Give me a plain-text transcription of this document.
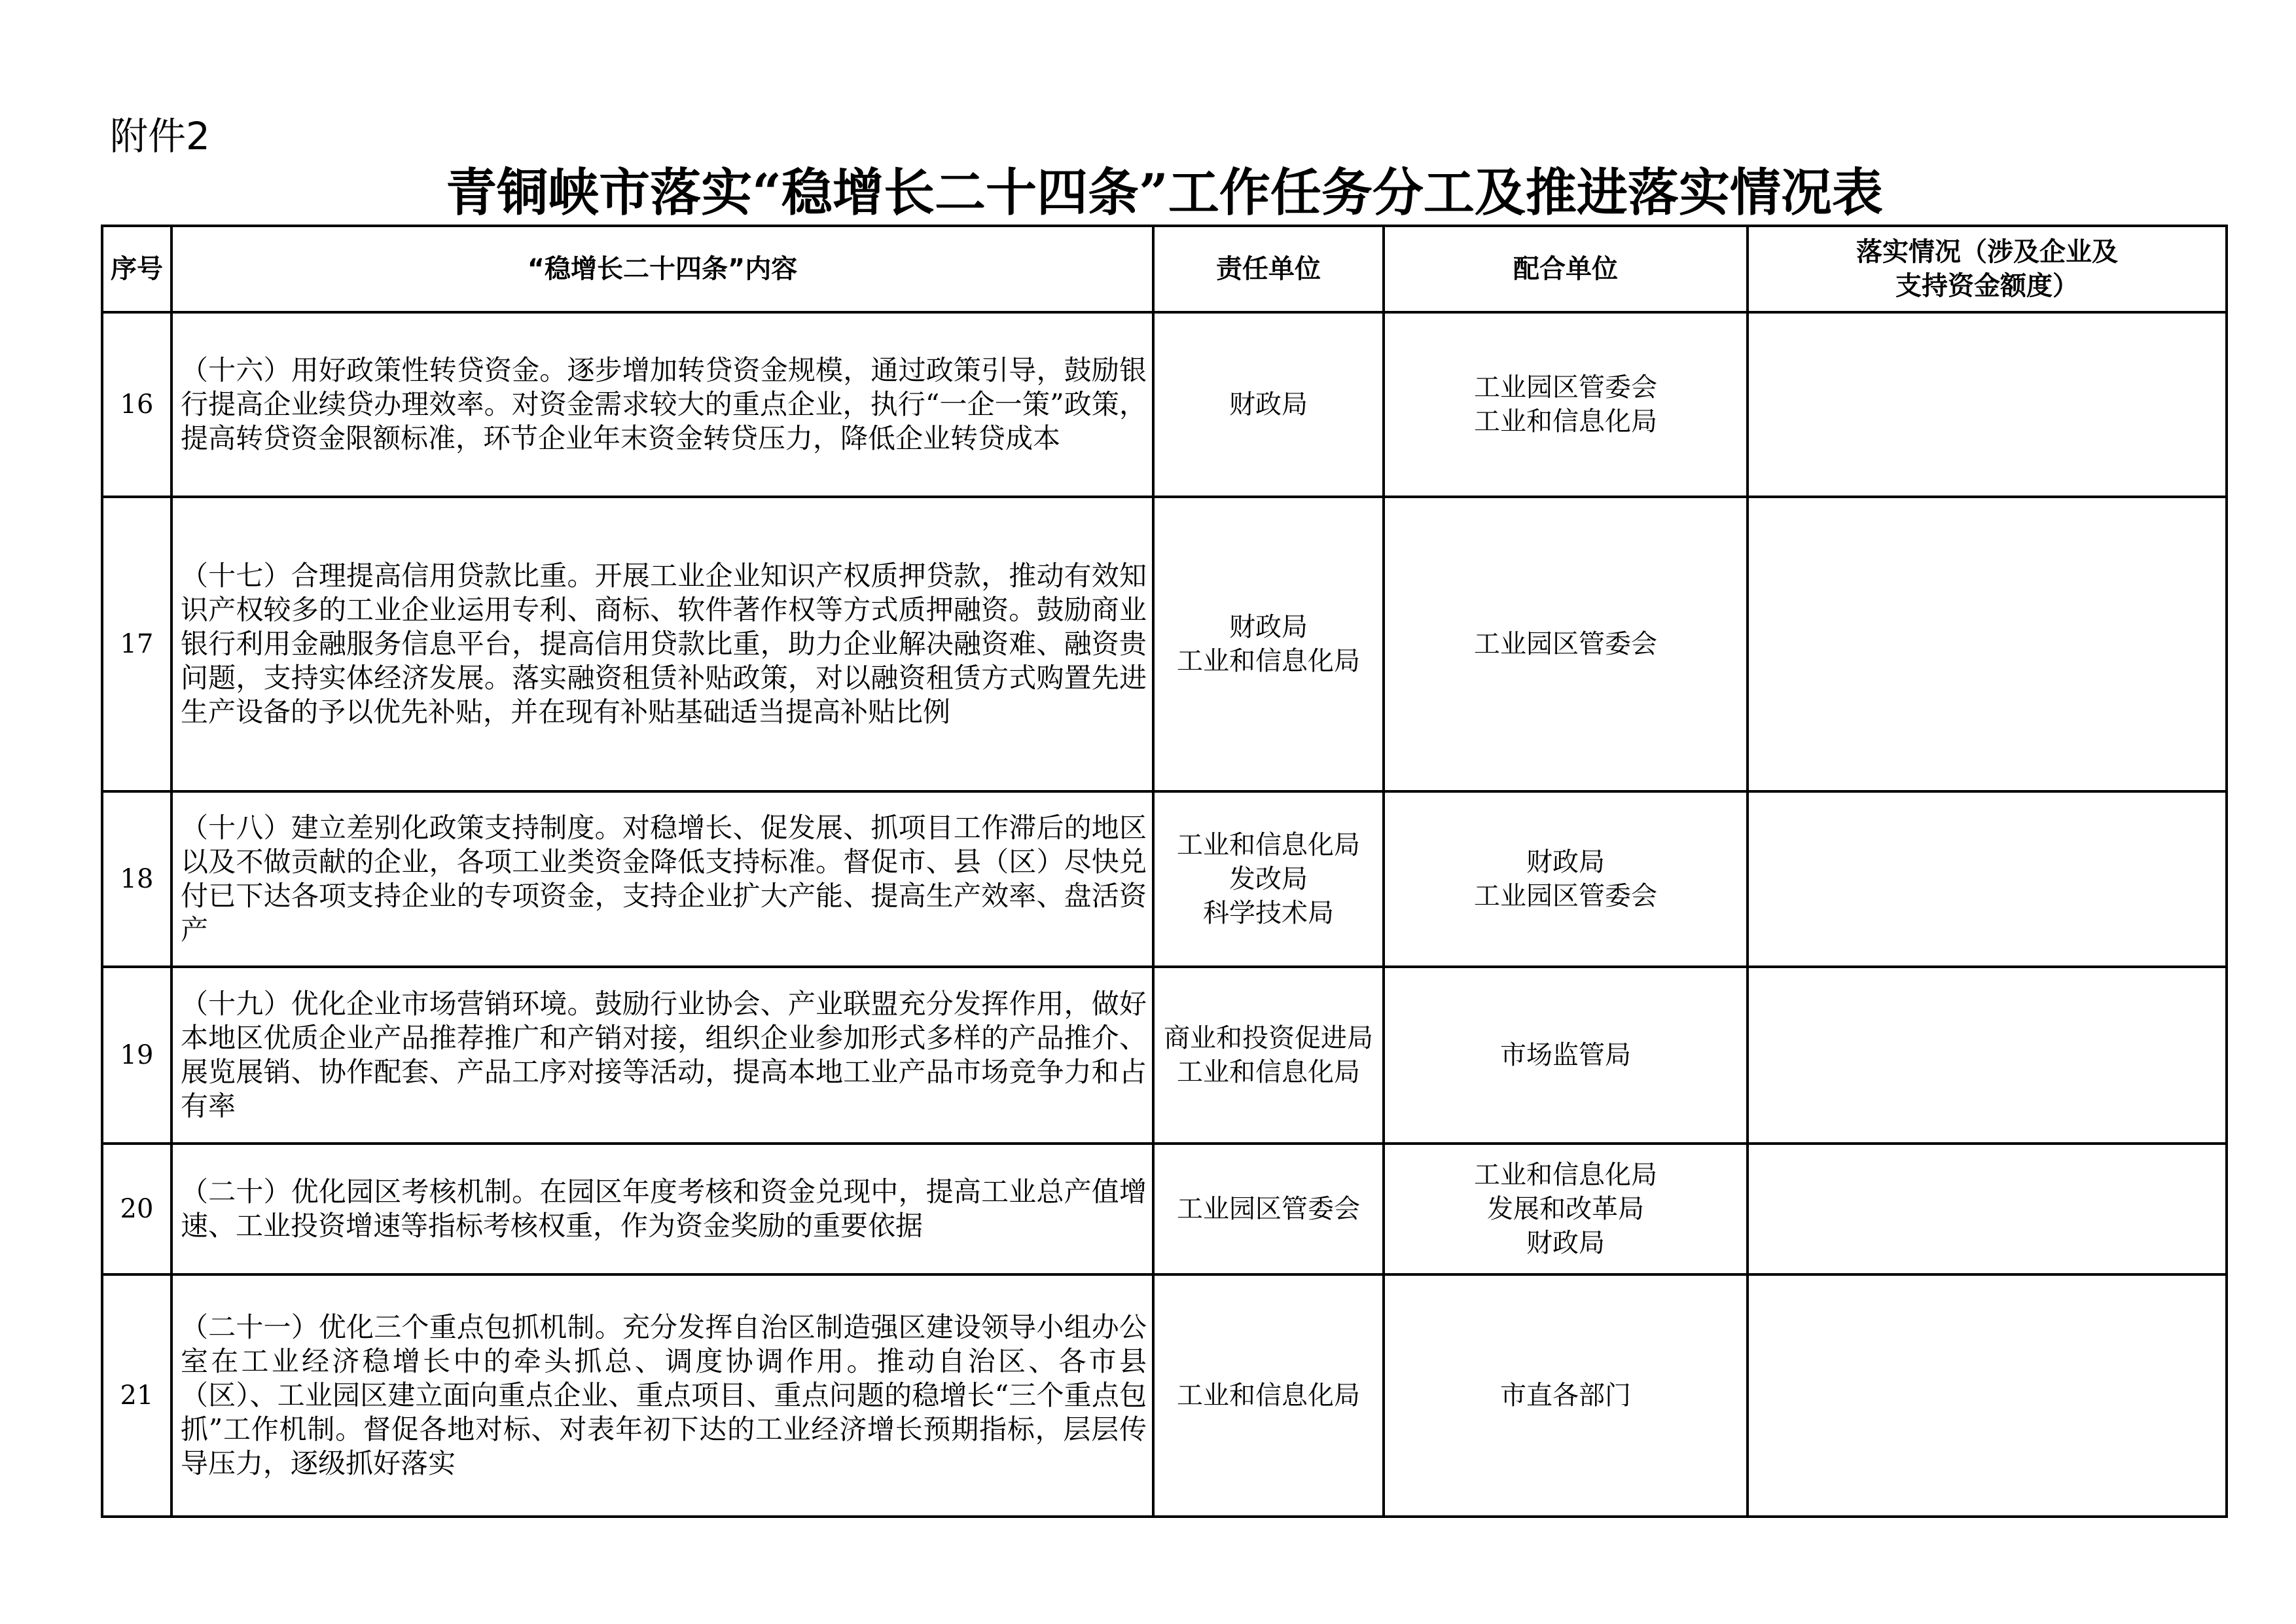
附件2
青铜峡市落实“稳增长二十四条”工作任务分工及推进落实情况表
序号	“稳增长二十四条”内容	责任单位	配合单位	落实情况（涉及企业及
支持资金额度）

16	（十六）用好政策性转贷资金。逐步增加转贷资金规模，通过政策引导，鼓励银行提高企业续贷办理效率。对资金需求较大的重点企业，执行“一企一策”政策，提高转贷资金限额标准，环节企业年末资金转贷压力，降低企业转贷成本	财政局	工业园区管委会
工业和信息化局	

17	（十七）合理提高信用贷款比重。开展工业企业知识产权质押贷款，推动有效知识产权较多的工业企业运用专利、商标、软件著作权等方式质押融资。鼓励商业银行利用金融服务信息平台，提高信用贷款比重，助力企业解决融资难、融资贵问题，支持实体经济发展。落实融资租赁补贴政策，对以融资租赁方式购置先进生产设备的予以优先补贴，并在现有补贴基础适当提高补贴比例	财政局
工业和信息化局	工业园区管委会	

18	（十八）建立差别化政策支持制度。对稳增长、促发展、抓项目工作滞后的地区以及不做贡献的企业，各项工业类资金降低支持标准。督促市、县（区）尽快兑付已下达各项支持企业的专项资金，支持企业扩大产能、提高生产效率、盘活资产	工业和信息化局
发改局
科学技术局	财政局
工业园区管委会	

19	（十九）优化企业市场营销环境。鼓励行业协会、产业联盟充分发挥作用，做好本地区优质企业产品推荐推广和产销对接，组织企业参加形式多样的产品推介、展览展销、协作配套、产品工序对接等活动，提高本地工业产品市场竞争力和占有率	商业和投资促进局
工业和信息化局	市场监管局	

20	（二十）优化园区考核机制。在园区年度考核和资金兑现中，提高工业总产值增速、工业投资增速等指标考核权重，作为资金奖励的重要依据	工业园区管委会	工业和信息化局
发展和改革局
财政局	

21	（二十一）优化三个重点包抓机制。充分发挥自治区制造强区建设领导小组办公室在工业经济稳增长中的牵头抓总、调度协调作用。推动自治区、各市县（区）、工业园区建立面向重点企业、重点项目、重点问题的稳增长“三个重点包抓”工作机制。督促各地对标、对表年初下达的工业经济增长预期指标，层层传导压力，逐级抓好落实	工业和信息化局	市直各部门	
